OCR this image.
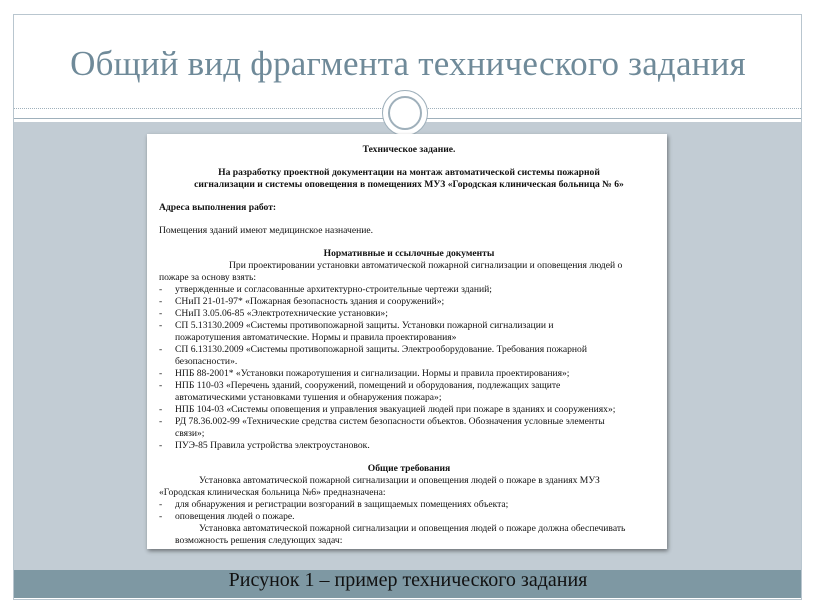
Общий вид фрагмента технического задания
Техническое задание.
На разработку проектной документации на монтаж автоматической системы пожарной
сигнализации и системы оповещения в помещениях МУЗ «Городская клиническая больница № 6»
Адреса выполнения работ:
Помещения зданий имеют медицинское назначение.
Нормативные и ссылочные документы
При проектировании установки автоматической пожарной сигнализации и оповещения людей о
пожаре за основу взять:
- утвержденные и согласованные архитектурно-строительные чертежи зданий;
- СНиП 21-01-97* «Пожарная безопасность здания и сооружений»;
- СНиП 3.05.06-85 «Электротехнические установки»;
- СП 5.13130.2009 «Системы противопожарной защиты. Установки пожарной сигнализации и
пожаротушения автоматические. Нормы и правила проектирования»
- СП 6.13130.2009 «Системы противопожарной защиты. Электрооборудование. Требования пожарной
безопасности».
- НПБ 88-2001* «Установки пожаротушения и сигнализации. Нормы и правила проектирования»;
- НПБ 110-03 «Перечень зданий, сооружений, помещений и оборудования, подлежащих защите
автоматическими установками тушения и обнаружения пожара»;
- НПБ 104-03 «Системы оповещения и управления эвакуацией людей при пожаре в зданиях и сооружениях»;
- РД 78.36.002-99 «Технические средства систем безопасности объектов. Обозначения условные элементы
связи»;
- ПУЭ-85 Правила устройства электроустановок.
Общие требования
Установка автоматической пожарной сигнализации и оповещения людей о пожаре в зданиях МУЗ
«Городская клиническая больница №6» предназначена:
- для обнаружения и регистрации возгораний в защищаемых помещениях объекта;
- оповещения людей о пожаре.
Установка автоматической пожарной сигнализации и оповещения людей о пожаре должна обеспечивать
возможность решения следующих задач:
Рисунок 1 – пример технического задания
